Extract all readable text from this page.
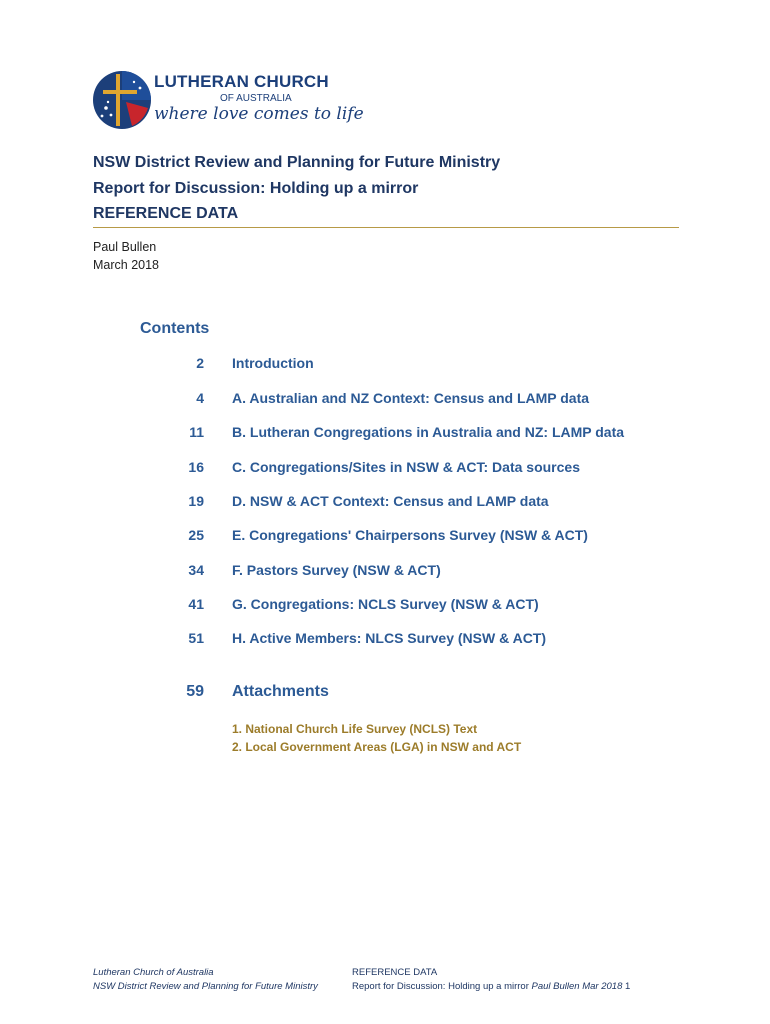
LUTHERAN CHURCH
OF AUSTRALIA
where love comes to life
NSW District Review and Planning for Future Ministry
Report for Discussion: Holding up a mirror
REFERENCE DATA
Paul Bullen
March 2018
Contents
2 Introduction
4 A. Australian and NZ Context: Census and LAMP data
11 B. Lutheran Congregations in Australia and NZ: LAMP data
16 C. Congregations/Sites in NSW & ACT: Data sources
19 D. NSW & ACT Context: Census and LAMP data
25 E. Congregations' Chairpersons Survey (NSW & ACT)
34 F. Pastors Survey (NSW & ACT)
41 G. Congregations: NCLS Survey (NSW & ACT)
51 H. Active Members: NLCS Survey (NSW & ACT)
59 Attachments
1. National Church Life Survey (NCLS) Text
2. Local Government Areas (LGA) in NSW and ACT
Lutheran Church of Australia
NSW District Review and Planning for Future Ministry
REFERENCE DATA
Report for Discussion: Holding up a mirror Paul Bullen Mar 2018 1
